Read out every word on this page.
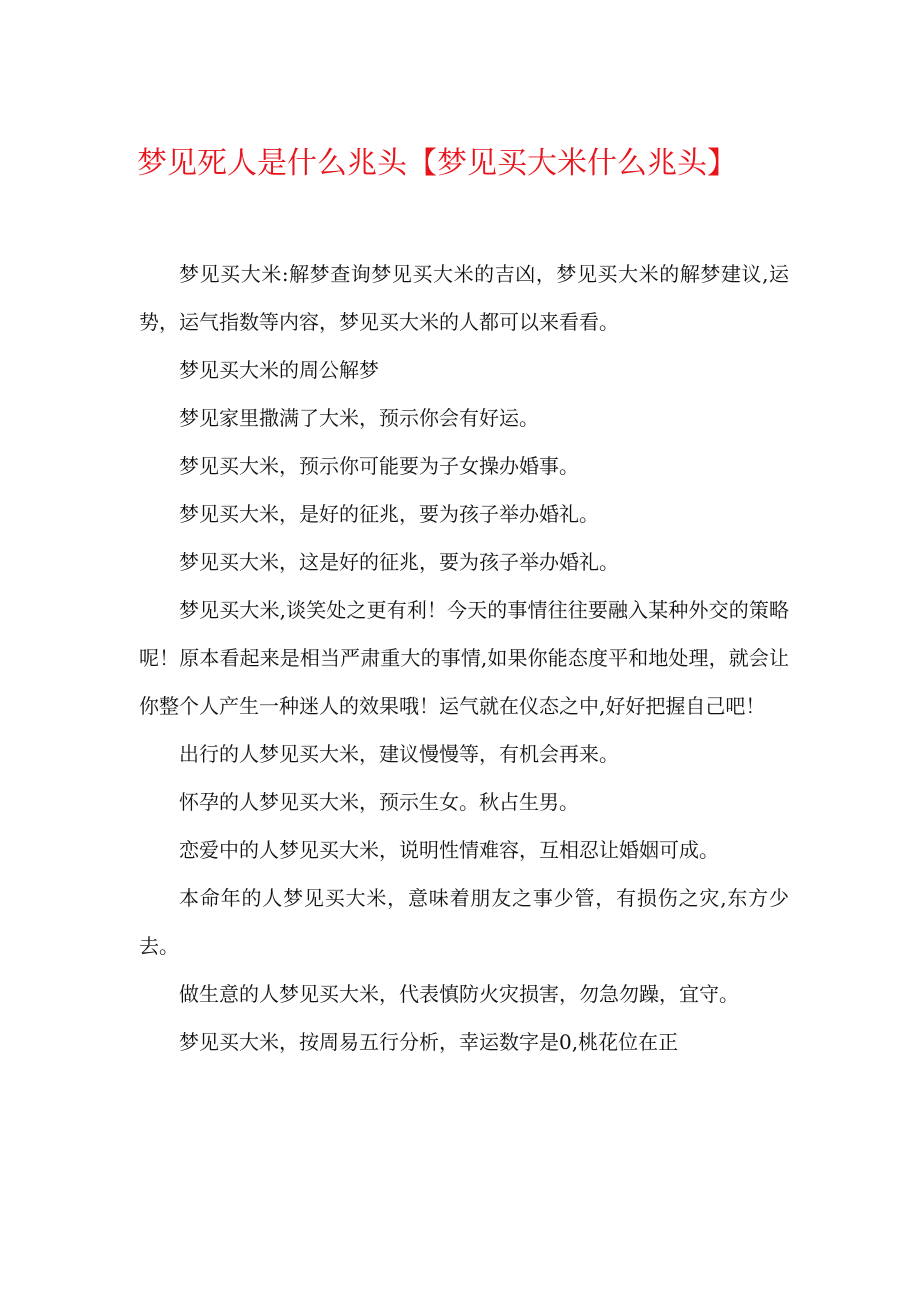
梦见死人是什么兆头【梦见买大米什么兆头】

梦见买大米:解梦查询梦见买大米的吉凶，梦见买大米的解梦建议,运势，运气指数等内容，梦见买大米的人都可以来看看。

梦见买大米的周公解梦

梦见家里撒满了大米，预示你会有好运。

梦见买大米，预示你可能要为子女操办婚事。

梦见买大米，是好的征兆，要为孩子举办婚礼。

梦见买大米，这是好的征兆，要为孩子举办婚礼。

梦见买大米,谈笑处之更有利！今天的事情往往要融入某种外交的策略呢！原本看起来是相当严肃重大的事情,如果你能态度平和地处理，就会让你整个人产生一种迷人的效果哦！运气就在仪态之中,好好把握自己吧！

出行的人梦见买大米，建议慢慢等，有机会再来。

怀孕的人梦见买大米，预示生女。秋占生男。

恋爱中的人梦见买大米，说明性情难容，互相忍让婚姻可成。

本命年的人梦见买大米，意味着朋友之事少管，有损伤之灾,东方少去。

做生意的人梦见买大米，代表慎防火灾损害，勿急勿躁，宜守。

梦见买大米，按周易五行分析，幸运数字是0,桃花位在正
